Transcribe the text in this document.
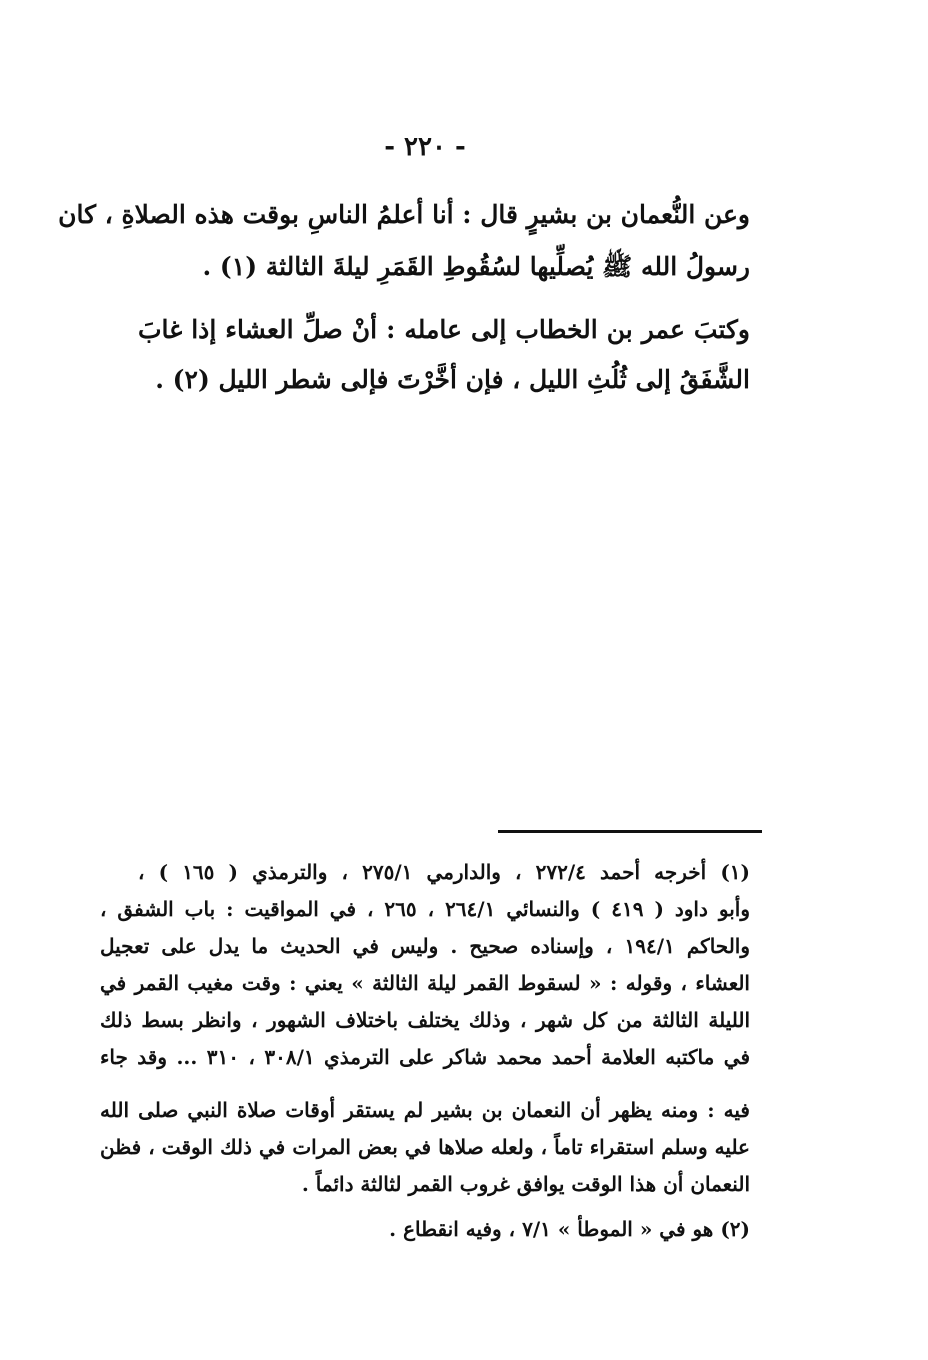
- ٢٢٠ -
وعن النُّعمان بن بشيرٍ قال : أنا أعلمُ الناسِ بوقت هذه الصلاةِ ، كان
رسولُ الله ﷺ يُصلِّيها لسُقُوطِ القَمَرِ ليلةَ الثالثة (١) .
وكتبَ عمر بن الخطاب إلى عامله : أنْ صلِّ العشاء إذا غابَ
الشَّفَقُ إلى ثُلُثِ الليل ، فإن أخَّرْتَ فإلى شطر الليل (٢) .
(١) أخرجه أحمد ٢٧٢/٤ ، والدارمي ٢٧٥/١ ، والترمذي ( ١٦٥ ) ،
وأبو داود ( ٤١٩ ) والنسائي ٢٦٤/١ ، ٢٦٥ ، في المواقيت : باب الشفق ،
والحاكم ١٩٤/١ ، وإسناده صحيح . وليس في الحديث ما يدل على تعجيل
العشاء ، وقوله : « لسقوط القمر ليلة الثالثة » يعني : وقت مغيب القمر في
الليلة الثالثة من كل شهر ، وذلك يختلف باختلاف الشهور ، وانظر بسط ذلك
في ماكتبه العلامة أحمد محمد شاكر على الترمذي ٣٠٨/١ ، ٣١٠ ... وقد جاء
فيه : ومنه يظهر أن النعمان بن بشير لم يستقر أوقات صلاة النبي صلى الله
عليه وسلم استقراء تاماً ، ولعله صلاها في بعض المرات في ذلك الوقت ، فظن
النعمان أن هذا الوقت يوافق غروب القمر لثالثة دائماً .
(٢) هو في « الموطأ » ٧/١ ، وفيه انقطاع .
